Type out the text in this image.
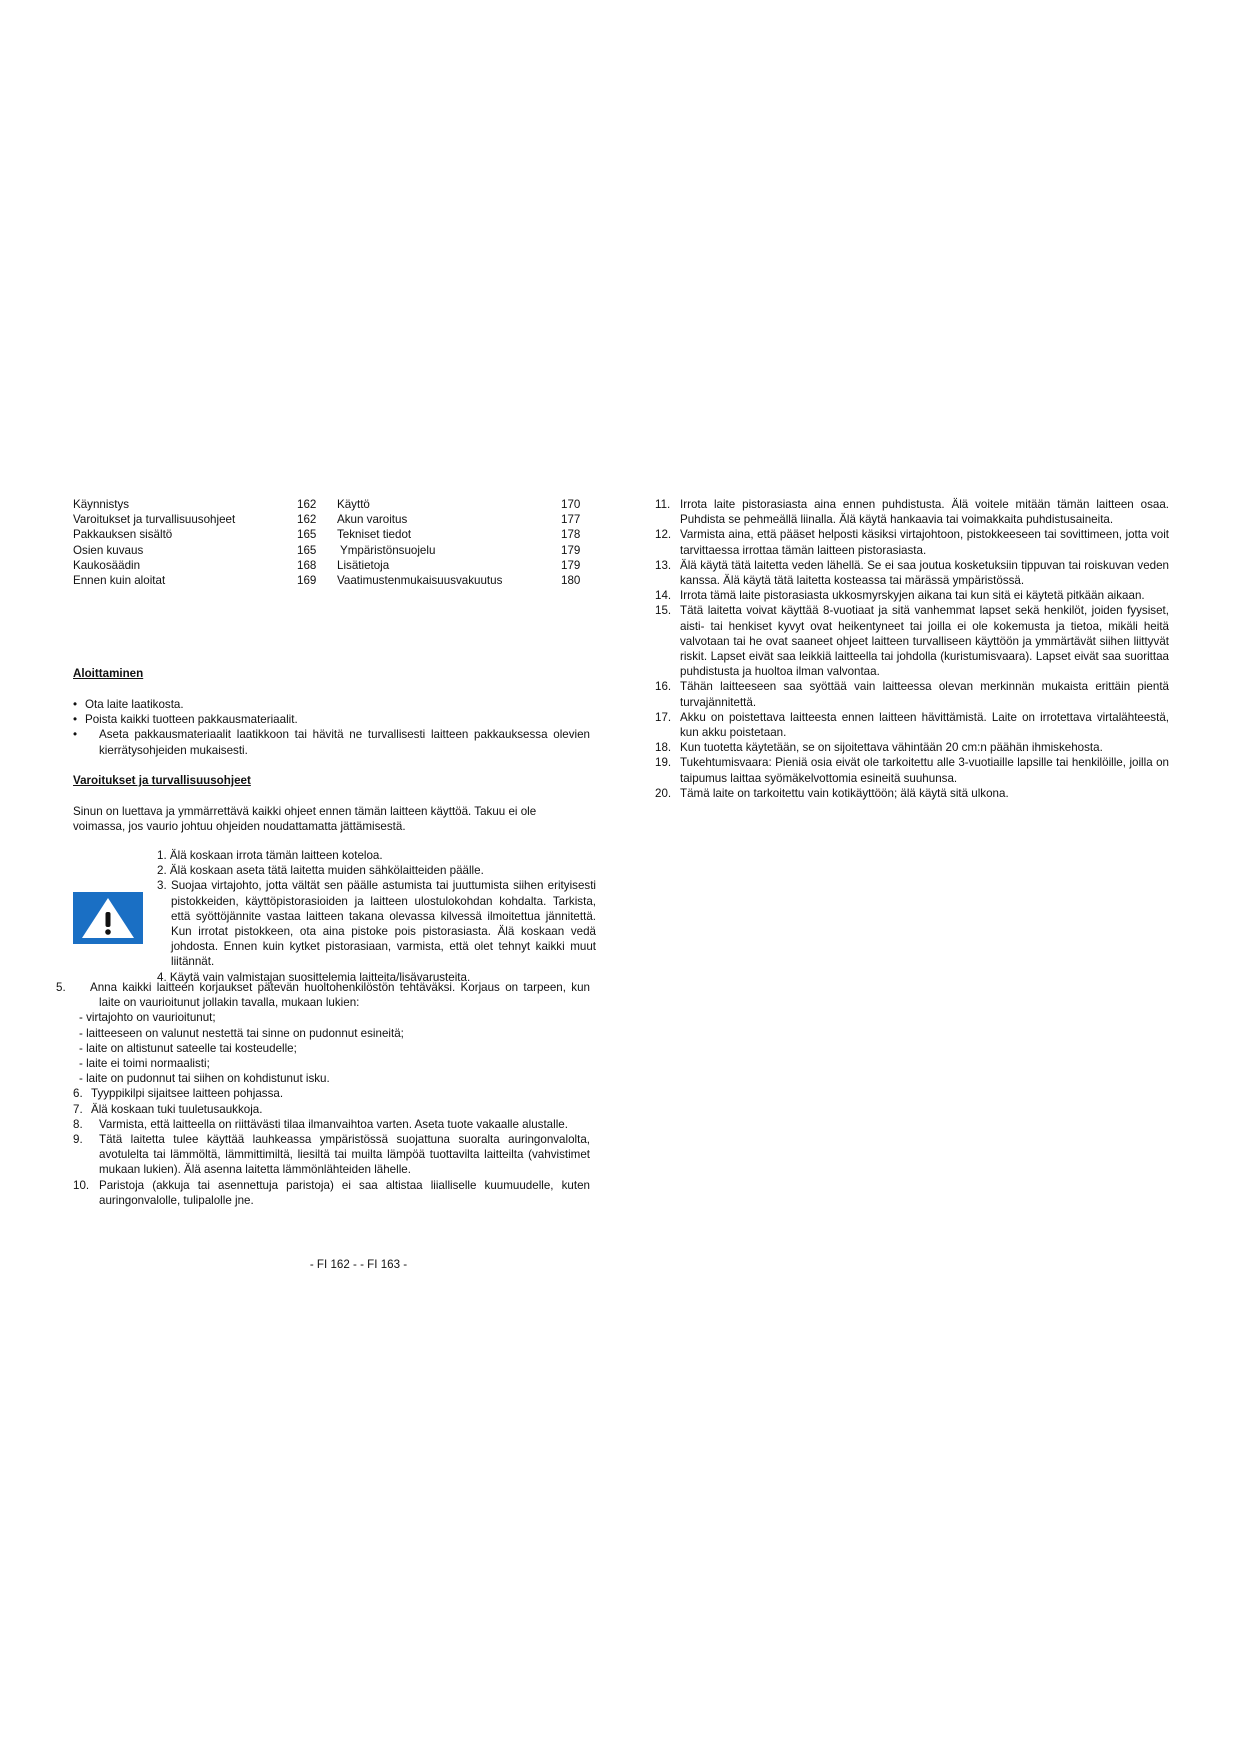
Käynnistys	162 Käyttö	170
Varoitukset ja turvallisuusohjeet	162 Akun varoitus	177
Pakkauksen sisältö	165 Tekniset tiedot	178
Osien kuvaus	165 Ympäristönsuojelu	179
Kaukosäädin	168 Lisätietoja	179
Ennen kuin aloitat	169 Vaatimustenmukaisuusvakuutus	180
Aloittaminen
• Ota laite laatikosta.
• Poista kaikki tuotteen pakkausmateriaalit.
• Aseta pakkausmateriaalit laatikkoon tai hävitä ne turvallisesti laitteen pakkauksessa olevien kierrätysohjeiden mukaisesti.
Varoitukset ja turvallisuusohjeet
Sinun on luettava ja ymmärrettävä kaikki ohjeet ennen tämän laitteen käyttöä. Takuu ei ole voimassa, jos vaurio johtuu ohjeiden noudattamatta jättämisestä.
1. Älä koskaan irrota tämän laitteen koteloa.
2. Älä koskaan aseta tätä laitetta muiden sähkölaitteiden päälle.
3. Suojaa virtajohto, jotta vältät sen päälle astumista tai juuttumista siihen erityisesti pistokkeiden, käyttöpistorasioiden ja laitteen ulostulokohdan kohdalta. Tarkista, että syöttöjännite vastaa laitteen takana olevassa kilvessä ilmoitettua jännitettä. Kun irrotat pistokkeen, ota aina pistoke pois pistorasiasta. Älä koskaan vedä johdosta. Ennen kuin kytket pistorasiaan, varmista, että olet tehnyt kaikki muut liitännät.
4. Käytä vain valmistajan suosittelemia laitteita/lisävarusteita.
5. Anna kaikki laitteen korjaukset pätevän huoltohenkilöstön tehtäväksi. Korjaus on tarpeen, kun laite on vaurioitunut jollakin tavalla, mukaan lukien:
- virtajohto on vaurioitunut;
- laitteeseen on valunut nestettä tai sinne on pudonnut esineitä;
- laite on altistunut sateelle tai kosteudelle;
- laite ei toimi normaalisti;
- laite on pudonnut tai siihen on kohdistunut isku.
6. Tyyppikilpi sijaitsee laitteen pohjassa.
7. Älä koskaan tuki tuuletusaukkoja.
8. Varmista, että laitteella on riittävästi tilaa ilmanvaihtoa varten. Aseta tuote vakaalle alustalle.
9. Tätä laitetta tulee käyttää lauhkeassa ympäristössä suojattuna suoralta auringonvalolta, avotulelta tai lämmöltä, lämmittimiltä, liesiltä tai muilta lämpöä tuottavilta laitteilta (vahvistimet mukaan lukien). Älä asenna laitetta lämmönlähteiden lähelle.
10. Paristoja (akkuja tai asennettuja paristoja) ei saa altistaa liialliselle kuumuudelle, kuten auringonvalolle, tulipalolle jne.
11. Irrota laite pistorasiasta aina ennen puhdistusta. Älä voitele mitään tämän laitteen osaa. Puhdista se pehmeällä liinalla. Älä käytä hankaavia tai voimakkaita puhdistusaineita.
12. Varmista aina, että pääset helposti käsiksi virtajohtoon, pistokkeeseen tai sovittimeen, jotta voit tarvittaessa irrottaa tämän laitteen pistorasiasta.
13. Älä käytä tätä laitetta veden lähellä. Se ei saa joutua kosketuksiin tippuvan tai roiskuvan veden kanssa. Älä käytä tätä laitetta kosteassa tai märässä ympäristössä.
14. Irrota tämä laite pistorasiasta ukkosmyrskyjen aikana tai kun sitä ei käytetä pitkään aikaan.
15. Tätä laitetta voivat käyttää 8-vuotiaat ja sitä vanhemmat lapset sekä henkilöt, joiden fyysiset, aisti- tai henkiset kyvyt ovat heikentyneet tai joilla ei ole kokemusta ja tietoa, mikäli heitä valvotaan tai he ovat saaneet ohjeet laitteen turvalliseen käyttöön ja ymmärtävät siihen liittyvät riskit. Lapset eivät saa leikkiä laitteella tai johdolla (kuristumisvaara). Lapset eivät saa suorittaa puhdistusta ja huoltoa ilman valvontaa.
16. Tähän laitteeseen saa syöttää vain laitteessa olevan merkinnän mukaista erittäin pientä turvajännitettä.
17. Akku on poistettava laitteesta ennen laitteen hävittämistä. Laite on irrotettava virtalähteestä, kun akku poistetaan.
18. Kun tuotetta käytetään, se on sijoitettava vähintään 20 cm:n päähän ihmiskehosta.
19. Tukehtumisvaara: Pieniä osia eivät ole tarkoitettu alle 3-vuotiaille lapsille tai henkilöille, joilla on taipumus laittaa syömäkelvottomia esineitä suuhunsa.
20. Tämä laite on tarkoitettu vain kotikäyttöön; älä käytä sitä ulkona.
- FI 162 - - FI 163 -
